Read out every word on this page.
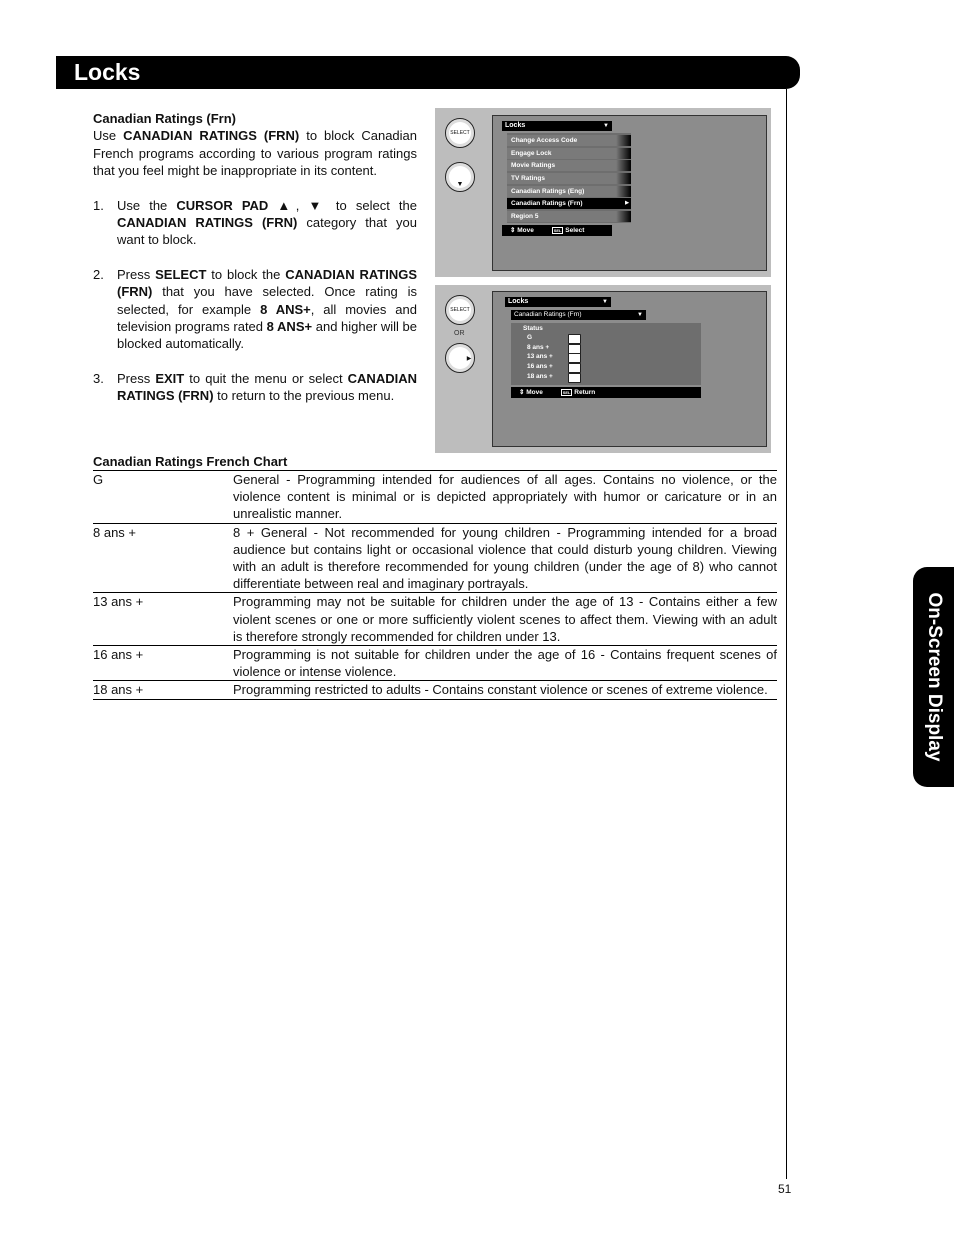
Locks
On-Screen Display
51
Canadian Ratings (Frn)

Use CANADIAN RATINGS (FRN) to block Canadian French programs according to various program ratings that you feel might be inappropriate in its content.

1.	Use the CURSOR PAD ▲, ▼ to select the CANADIAN RATINGS (FRN) category that you want to block.
2.	Press SELECT to block the CANADIAN RATINGS (FRN) that you have selected. Once rating is selected, for example 8 ANS+, all movies and television programs rated 8 ANS+ and higher will be blocked automatically.
3.	Press EXIT to quit the menu or select CANADIAN RATINGS (FRN) to return to the previous menu.
SELECT
▼
Locks	▼
Change Access Code
Engage Lock
Movie Ratings
TV Ratings
Canadian Ratings (Eng)
Canadian Ratings (Frn)	▶
Region 5
⇕ Move	SEL Select
SELECT
OR
▶
Locks	▼
Canadian Ratings (Frn)	▼
Status
G
8 ans +
13 ans +
16 ans +
18 ans +
⇕ Move	SEL Return
Canadian Ratings French Chart
G	General - Programming intended for audiences of all ages. Contains no violence, or the violence content is minimal or is depicted appropriately with humor or caricature or in an unrealistic manner.
8 ans +	8 + General - Not recommended for young children - Programming intended for a broad audience but contains light or occasional violence that could disturb young children. Viewing with an adult is therefore recommended for young children (under the age of 8) who cannot differentiate between real and imaginary portrayals.
13 ans +	Programming may not be suitable for children under the age of 13 - Contains either a few violent scenes or one or more sufficiently violent scenes to affect them. Viewing with an adult is therefore strongly recommended for children under 13.
16 ans +	Programming is not suitable for children under the age of 16 - Contains frequent scenes of violence or intense violence.
18 ans +	Programming restricted to adults - Contains constant violence or scenes of extreme violence.
